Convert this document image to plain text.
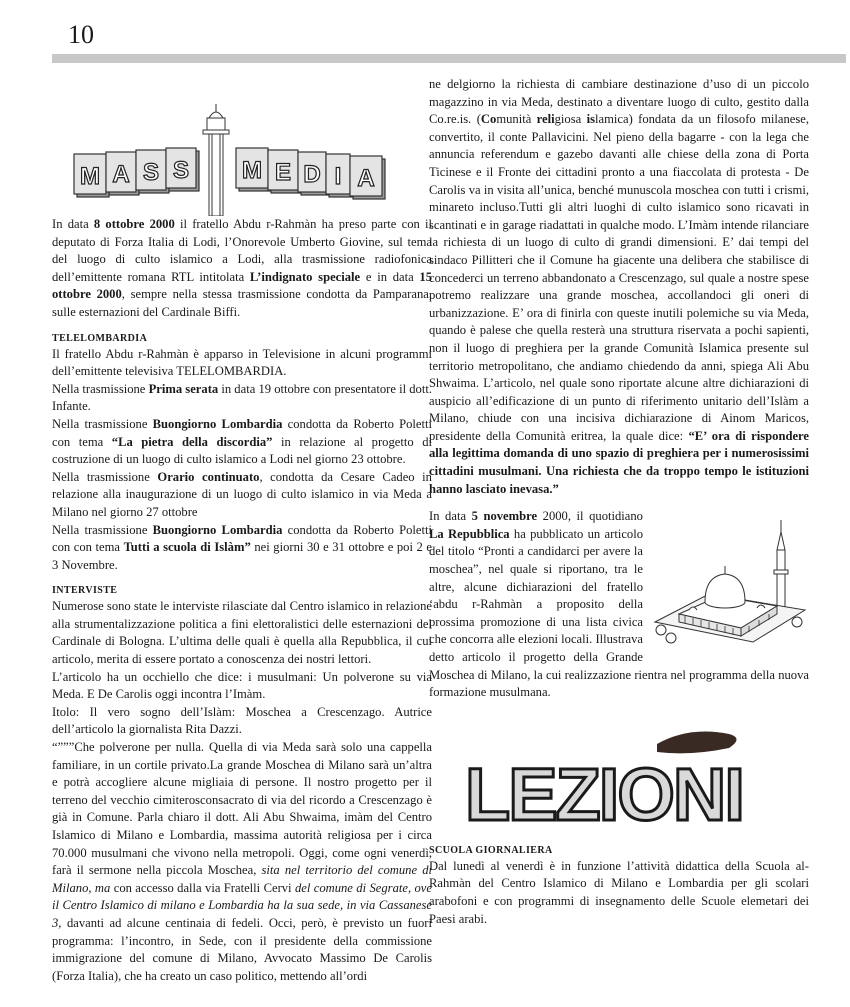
10
M A S S M E D I A

In data 8 ottobre 2000 il fratello Abdu r-Rahmàn ha preso parte con il deputato di Forza Italia di Lodi, l’Onorevole Umberto Giovine, sul tema del luogo di culto islamico a Lodi, alla trasmissione radiofonica dell’emittente romana RTL intitolata L’indignato speciale e in data 15 ottobre 2000, sempre nella stessa trasmissione condotta da Pamparana, sulle esternazioni del Cardinale Biffi.

TELELOMBARDIA

Il fratello Abdu r-Rahmàn è apparso in Televisione in alcuni programmi dell’emittente televisiva TELELOMBARDIA.

Nella trasmissione Prima serata in data 19 ottobre con presentatore il dott. Infante.

Nella trasmissione Buongiorno Lombardia condotta da Roberto Poletti con tema “La pietra della discordia” in relazione al progetto di costruzione di un luogo di culto islamico a Lodi nel giorno 23 ottobre.

Nella trasmissione Orario continuato, condotta da Cesare Cadeo in relazione alla inaugurazione di un luogo di culto islamico in via Meda a Milano nel giorno 27 ottobre

Nella trasmissione Buongiorno Lombardia condotta da Roberto Poletti con con tema Tutti a scuola di Islàm” nei giorni 30 e 31 ottobre e poi 2 e 3 Novembre.

INTERVISTE

Numerose sono state le interviste rilasciate dal Centro islamico in relazione alla strumentalizzazione politica a fini elettoralistici delle esternazioni del Cardinale di Bologna. L’ultima delle quali è quella alla Repubblica, il cui articolo, merita di essere portato a conoscenza dei nostri lettori.

L’articolo ha un occhiello che dice: i musulmani: Un polverone su via Meda. E De Carolis oggi incontra l’Imàm.

Itolo: Il vero sogno dell’Islàm: Moschea a Crescenzago. Autrice dell’articolo la giornalista Rita Dazzi.

“”””Che polverone per nulla. Quella di via Meda sarà solo una cappella familiare, in un cortile privato.La grande Moschea di Milano sarà un’altra e potrà accogliere alcune migliaia di persone. Il nostro progetto per il terreno del vecchio cimiterosconsacrato di via del ricordo a Crescenzago è già in Comune. Parla chiaro il dott. Ali Abu Shwaima, imàm del Centro Islamico di Milano e Lombardia, massima autorità religiosa per i circa 70.000 musulmani che vivono nella metropoli. Oggi, come ogni venerdì, farà il sermone nella piccola Moschea, sita nel territorio del comune di Milano, ma con accesso dalla via Fratelli Cervi del comune di Segrate, ove il Centro Islamico di milano e Lombardia ha la sua sede, in via Cassanese 3, davanti ad alcune centinaia di fedeli. Occi, però, è previsto un fuori programma: l’incontro, in Sede, con il presidente della commissione immigrazione del comune di Milano, Avvocato Massimo De Carolis (Forza Italia), che ha creato un caso politico, mettendo all’ordi

ne delgiorno la richiesta di cambiare destinazione d’uso di un piccolo magazzino in via Meda, destinato a diventare luogo di culto, gestito dalla Co.re.is. (Comunità religiosa islamica) fondata da un filosofo milanese, convertito, il conte Pallavicini. Nel pieno della bagarre - con la lega che annuncia referendum e gazebo davanti alle chiese della zona di Porta Ticinese e il Fronte dei cittadini pronto a una fiaccolata di protesta - De Carolis va in visita all’unica, benché munuscola moschea con tutti i crismi, minareto incluso.Tutti gli altri luoghi di culto islamico sono ricavati in scantinati e in garage riadattati in qualche modo. L’Imàm intende rilanciare la richiesta di un luogo di culto di grandi dimensioni. E’ dai tempi del sindaco Pillitteri che il Comune ha giacente una delibera che stabilisce di concederci un terreno abbandonato a Crescenzago, sul quale a nostre spese potremo realizzare una grande moschea, accollandoci gli oneri di urbanizzazione. E’ ora di finirla con queste inutili polemiche su via Meda, quando è palese che quella resterà una struttura riservata a pochi sapienti, non il luogo di preghiera per la grande Comunità Islamica presente sul territorio metropolitano, che andiamo chiedendo da anni, spiega Ali Abu Shwaima. L’articolo, nel quale sono riportate alcune altre dichiarazioni di auspicio all’edificazione di un punto di riferimento unitario dell’Islàm a Milano, chiude con una incisiva dichiarazione di Ainom Maricos, presidente della Comunità eritrea, la quale dice: “E’ ora di rispondere alla legittima domanda di uno spazio di preghiera per i numerosissimi cittadini musulmani. Una richiesta che da troppo tempo le istituzioni hanno lasciato inevasa.”

In data 5 novembre 2000, il quotidiano La Repubblica ha pubblicato un articolo del titolo “Pronti a candidarci per avere la moschea”, nel quale si riportano, tra le altre, alcune dichiarazioni del fratello ‘abdu r-Rahmàn a proposito della prossima promozione di una lista civica che concorra alle elezioni locali. Illustrava detto articolo il progetto della Grande Moschea di Milano, la cui realizzazione rientra nel programma della nuova formazione musulmana.

LEZIONI

SCUOLA GIORNALIERA

Dal lunedì al venerdì è in funzione l’attività didattica della Scuola al-Rahmàn del Centro Islamico di Milano e Lombardia per gli scolari arabofoni e con programmi di insegnamento delle Scuole elemetari dei Paesi arabi.
